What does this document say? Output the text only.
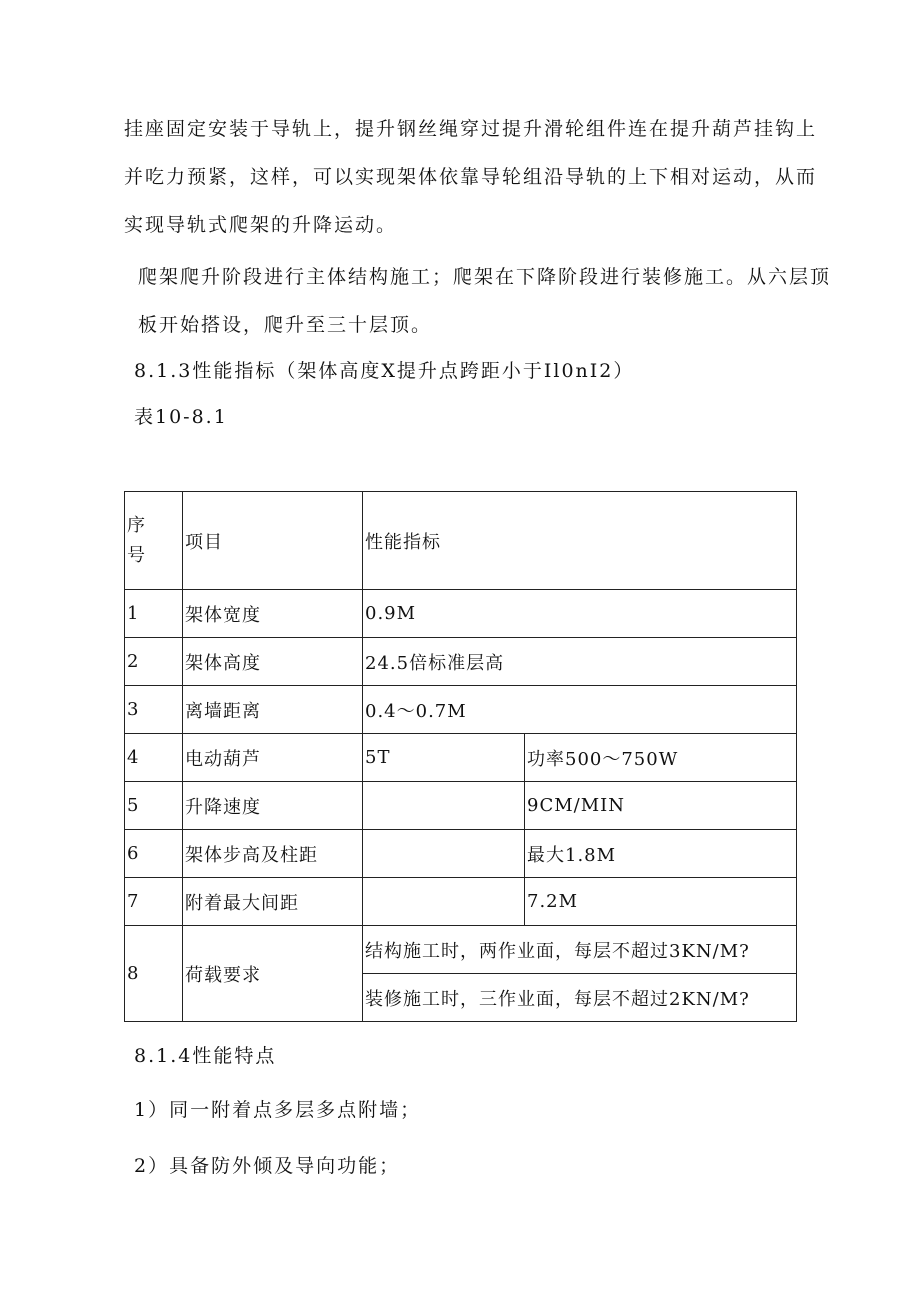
挂座固定安装于导轨上，提升钢丝绳穿过提升滑轮组件连在提升葫芦挂钩上
并吃力预紧，这样，可以实现架体依靠导轮组沿导轨的上下相对运动，从而
实现导轨式爬架的升降运动。
爬架爬升阶段进行主体结构施工；爬架在下降阶段进行装修施工。从六层顶
板开始搭设，爬升至三十层顶。
8.1.3性能指标（架体高度X提升点跨距小于Il0nI2）
表10-8.1
序
号	项目	性能指标	
1	架体宽度	0.9M	
2	架体高度	24.5倍标准层高	
3	离墙距离	0.4～0.7M	
4	电动葫芦	5T	功率500～750W
5	升降速度		9CM/MIN
6	架体步高及柱距		最大1.8M
7	附着最大间距		7.2M
8	荷载要求	结构施工时，两作业面，每层不超过3KN/M?	
		装修施工时，三作业面，每层不超过2KN/M?	
8.1.4性能特点
1）同一附着点多层多点附墙；
2）具备防外倾及导向功能；
